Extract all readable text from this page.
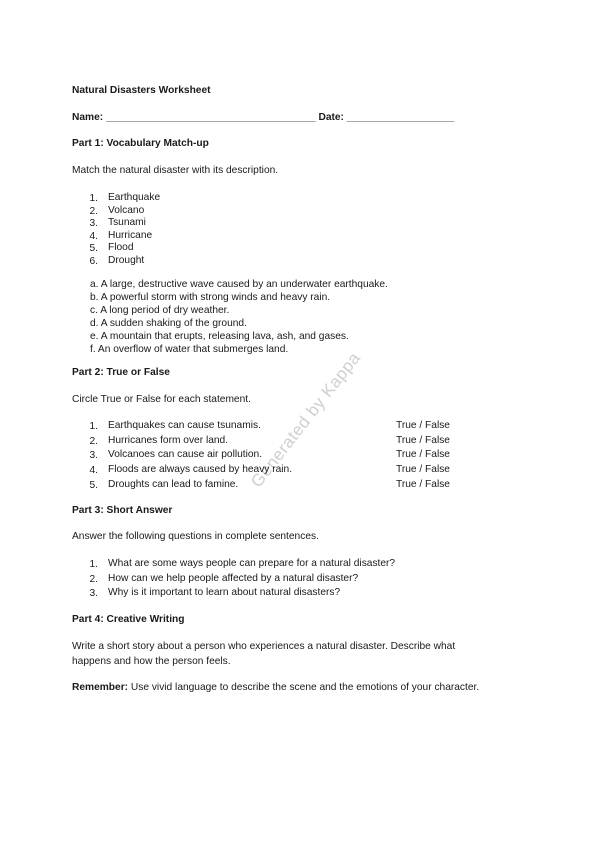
Generated by Kappa
Natural Disasters Worksheet
Name: _____________________________________ Date: ___________________
Part 1: Vocabulary Match-up
Match the natural disaster with its description.
1. Earthquake
2. Volcano
3. Tsunami
4. Hurricane
5. Flood
6. Drought
a. A large, destructive wave caused by an underwater earthquake.
b. A powerful storm with strong winds and heavy rain.
c. A long period of dry weather.
d. A sudden shaking of the ground.
e. A mountain that erupts, releasing lava, ash, and gases.
f. An overflow of water that submerges land.
Part 2: True or False
Circle True or False for each statement.
1. Earthquakes can cause tsunamis.	True / False
2. Hurricanes form over land.	True / False
3. Volcanoes can cause air pollution.	True / False
4. Floods are always caused by heavy rain.	True / False
5. Droughts can lead to famine.	True / False
Part 3: Short Answer
Answer the following questions in complete sentences.
1. What are some ways people can prepare for a natural disaster?
2. How can we help people affected by a natural disaster?
3. Why is it important to learn about natural disasters?
Part 4: Creative Writing
Write a short story about a person who experiences a natural disaster. Describe what
happens and how the person feels.
Remember: Use vivid language to describe the scene and the emotions of your character.
